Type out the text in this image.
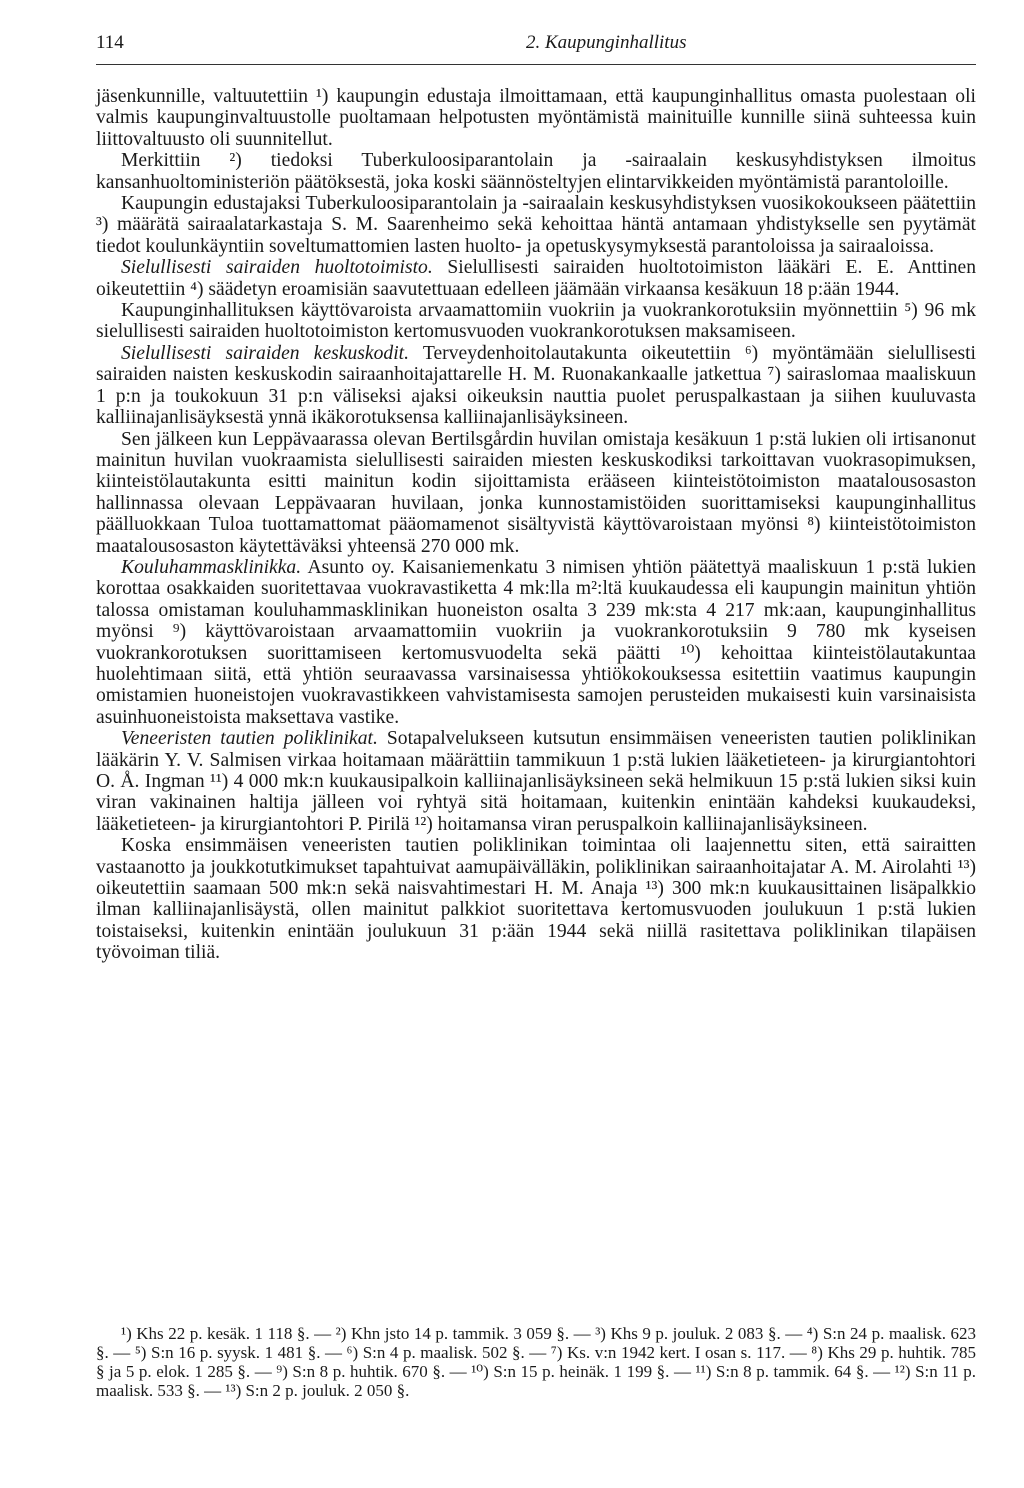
114	2. Kaupunginhallitus

jäsenkunnille, valtuutettiin ¹) kaupungin edustaja ilmoittamaan, että kaupunginhallitus omasta puolestaan oli valmis kaupunginvaltuustolle puoltamaan helpotusten myöntämistä mainituille kunnille siinä suhteessa kuin liittovaltuusto oli suunnitellut.

Merkittiin ²) tiedoksi Tuberkuloosiparantolain ja -sairaalain keskusyhdistyksen ilmoitus kansanhuoltoministeriön päätöksestä, joka koski säännösteltyjen elintarvikkeiden myöntämistä parantoloille.

Kaupungin edustajaksi Tuberkuloosiparantolain ja -sairaalain keskusyhdistyksen vuosikokoukseen päätettiin ³) määrätä sairaalatarkastaja S. M. Saarenheimo sekä kehoittaa häntä antamaan yhdistykselle sen pyytämät tiedot koulunkäyntiin soveltumattomien lasten huolto- ja opetuskysymyksestä parantoloissa ja sairaaloissa.

Sielullisesti sairaiden huoltotoimisto. Sielullisesti sairaiden huoltotoimiston lääkäri E. E. Anttinen oikeutettiin ⁴) säädetyn eroamisiän saavutettuaan edelleen jäämään virkaansa kesäkuun 18 p:ään 1944.

Kaupunginhallituksen käyttövaroista arvaamattomiin vuokriin ja vuokrankorotuksiin myönnettiin ⁵) 96 mk sielullisesti sairaiden huoltotoimiston kertomusvuoden vuokrankorotuksen maksamiseen.

Sielullisesti sairaiden keskuskodit. Terveydenhoitolautakunta oikeutettiin ⁶) myöntämään sielullisesti sairaiden naisten keskuskodin sairaanhoitajattarelle H. M. Ruonakankaalle jatkettua ⁷) sairaslomaa maaliskuun 1 p:n ja toukokuun 31 p:n väliseksi ajaksi oikeuksin nauttia puolet peruspalkastaan ja siihen kuuluvasta kalliinajanlisäyksestä ynnä ikäkorotuksensa kalliinajanlisäyksineen.

Sen jälkeen kun Leppävaarassa olevan Bertilsgårdin huvilan omistaja kesäkuun 1 p:stä lukien oli irtisanonut mainitun huvilan vuokraamista sielullisesti sairaiden miesten keskuskodiksi tarkoittavan vuokrasopimuksen, kiinteistölautakunta esitti mainitun kodin sijoittamista erääseen kiinteistötoimiston maatalousosaston hallinnassa olevaan Leppävaaran huvilaan, jonka kunnostamistöiden suorittamiseksi kaupunginhallitus päälluokkaan Tuloa tuottamattomat pääomamenot sisältyvistä käyttövaroistaan myönsi ⁸) kiinteistötoimiston maatalousosaston käytettäväksi yhteensä 270 000 mk.

Kouluhammasklinikka. Asunto oy. Kaisaniemenkatu 3 nimisen yhtiön päätettyä maaliskuun 1 p:stä lukien korottaa osakkaiden suoritettavaa vuokravastiketta 4 mk:lla m²:ltä kuukaudessa eli kaupungin mainitun yhtiön talossa omistaman kouluhammasklinikan huoneiston osalta 3 239 mk:sta 4 217 mk:aan, kaupunginhallitus myönsi ⁹) käyttövaroistaan arvaamattomiin vuokriin ja vuokrankorotuksiin 9 780 mk kyseisen vuokrankorotuksen suorittamiseen kertomusvuodelta sekä päätti ¹⁰) kehoittaa kiinteistölautakuntaa huolehtimaan siitä, että yhtiön seuraavassa varsinaisessa yhtiökokouksessa esitettiin vaatimus kaupungin omistamien huoneistojen vuokravastikkeen vahvistamisesta samojen perusteiden mukaisesti kuin varsinaisista asuinhuoneistoista maksettava vastike.

Veneeristen tautien poliklinikat. Sotapalvelukseen kutsutun ensimmäisen veneeristen tautien poliklinikan lääkärin Y. V. Salmisen virkaa hoitamaan määrättiin tammikuun 1 p:stä lukien lääketieteen- ja kirurgiantohtori O. Å. Ingman ¹¹) 4 000 mk:n kuukausipalkoin kalliinajanlisäyksineen sekä helmikuun 15 p:stä lukien siksi kuin viran vakinainen haltija jälleen voi ryhtyä sitä hoitamaan, kuitenkin enintään kahdeksi kuukaudeksi, lääketieteen- ja kirurgiantohtori P. Pirilä ¹²) hoitamansa viran peruspalkoin kalliinajanlisäyksineen.

Koska ensimmäisen veneeristen tautien poliklinikan toimintaa oli laajennettu siten, että sairaitten vastaanotto ja joukkotutkimukset tapahtuivat aamupäivälläkin, poliklinikan sairaanhoitajatar A. M. Airolahti ¹³) oikeutettiin saamaan 500 mk:n sekä naisvahtimestari H. M. Anaja ¹³) 300 mk:n kuukausittainen lisäpalkkio ilman kalliinajanlisäystä, ollen mainitut palkkiot suoritettava kertomusvuoden joulukuun 1 p:stä lukien toistaiseksi, kuitenkin enintään joulukuun 31 p:ään 1944 sekä niillä rasitettava poliklinikan tilapäisen työvoiman tiliä.

¹) Khs 22 p. kesäk. 1 118 §. — ²) Khn jsto 14 p. tammik. 3 059 §. — ³) Khs 9 p. jouluk. 2 083 §. — ⁴) S:n 24 p. maalisk. 623 §. — ⁵) S:n 16 p. syysk. 1 481 §. — ⁶) S:n 4 p. maalisk. 502 §. — ⁷) Ks. v:n 1942 kert. I osan s. 117. — ⁸) Khs 29 p. huhtik. 785 § ja 5 p. elok. 1 285 §. — ⁹) S:n 8 p. huhtik. 670 §. — ¹⁰) S:n 15 p. heinäk. 1 199 §. — ¹¹) S:n 8 p. tammik. 64 §. — ¹²) S:n 11 p. maalisk. 533 §. — ¹³) S:n 2 p. jouluk. 2 050 §.
